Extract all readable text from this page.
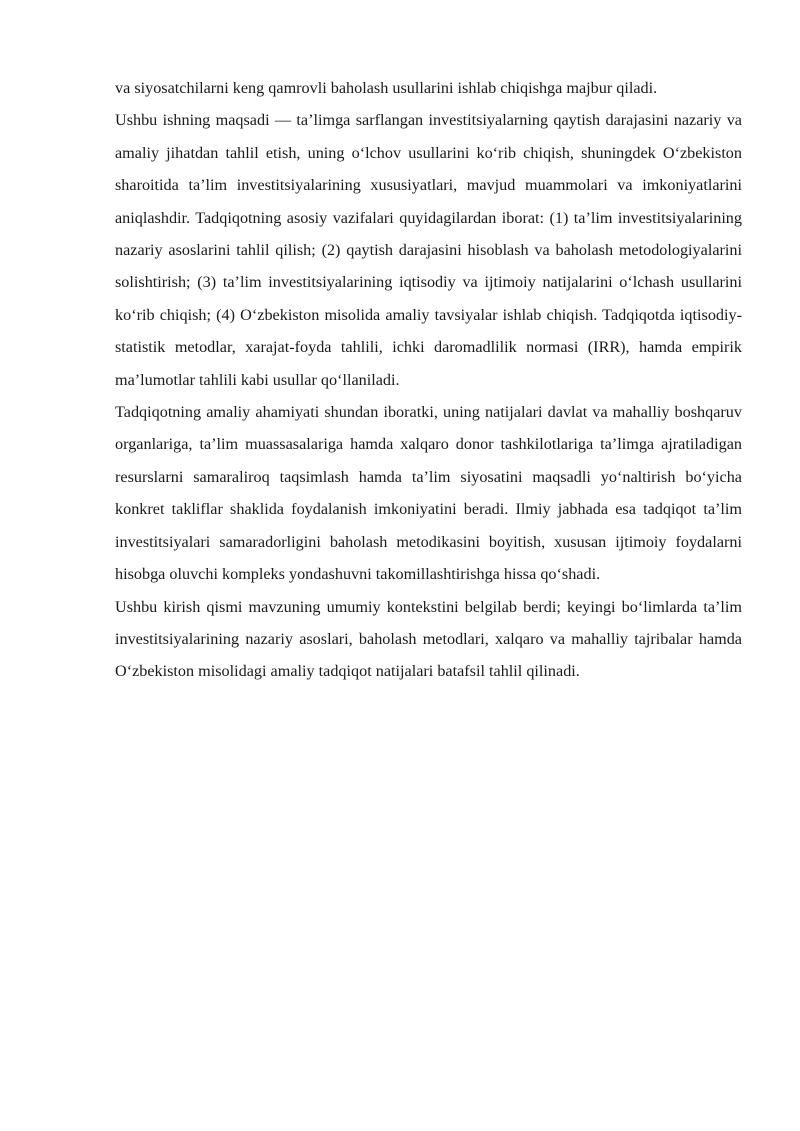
va siyosatchilarni keng qamrovli baholash usullarini ishlab chiqishga majbur qiladi.

Ushbu ishning maqsadi — ta’limga sarflangan investitsiyalarning qaytish darajasini nazariy va amaliy jihatdan tahlil etish, uning o‘lchov usullarini ko‘rib chiqish, shuningdek O‘zbekiston sharoitida ta’lim investitsiyalarining xususiyatlari, mavjud muammolari va imkoniyatlarini aniqlashdir. Tadqiqotning asosiy vazifalari quyidagilardan iborat: (1) ta’lim investitsiyalarining nazariy asoslarini tahlil qilish; (2) qaytish darajasini hisoblash va baholash metodologiyalarini solishtirish; (3) ta’lim investitsiyalarining iqtisodiy va ijtimoiy natijalarini o‘lchash usullarini ko‘rib chiqish; (4) O‘zbekiston misolida amaliy tavsiyalar ishlab chiqish. Tadqiqotda iqtisodiy-statistik metodlar, xarajat-foyda tahlili, ichki daromadlilik normasi (IRR), hamda empirik ma’lumotlar tahlili kabi usullar qo‘llaniladi.

Tadqiqotning amaliy ahamiyati shundan iboratki, uning natijalari davlat va mahalliy boshqaruv organlariga, ta’lim muassasalariga hamda xalqaro donor tashkilotlariga ta’limga ajratiladigan resurslarni samaraliroq taqsimlash hamda ta’lim siyosatini maqsadli yo‘naltirish bo‘yicha konkret takliflar shaklida foydalanish imkoniyatini beradi. Ilmiy jabhada esa tadqiqot ta’lim investitsiyalari samaradorligini baholash metodikasini boyitish, xususan ijtimoiy foydalarni hisobga oluvchi kompleks yondashuvni takomillashtirishga hissa qo‘shadi.

Ushbu kirish qismi mavzuning umumiy kontekstini belgilab berdi; keyingi bo‘limlarda ta’lim investitsiyalarining nazariy asoslari, baholash metodlari, xalqaro va mahalliy tajribalar hamda O‘zbekiston misolidagi amaliy tadqiqot natijalari batafsil tahlil qilinadi.
